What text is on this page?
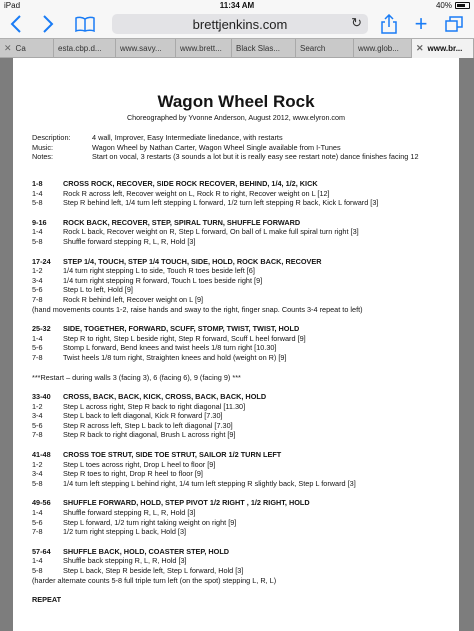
iPad	11:34 AM	40%
brettjenkins.com	↻ +
✕ Ca	esta.cbp.d... www.savy... www.brett... Black Slas... Search	www.glob... ✕ www.br...
Wagon Wheel Rock
Choreographed by Yvonne Anderson, August 2012, www.elyron.com
Description:	4 wall, Improver, Easy Intermediate linedance, with restarts
Music:	Wagon Wheel by Nathan Carter, Wagon Wheel Single available from I-Tunes
Notes:	Start on vocal, 3 restarts (3 sounds a lot but it is really easy see restart note) dance finishes facing 12
1-8	CROSS ROCK, RECOVER, SIDE ROCK RECOVER, BEHIND, 1/4, 1/2, KICK
1-4	Rock R across left, Recover weight on L, Rock R to right, Recover weight on L [12]
5-8	Step R behind left, 1/4 turn left stepping L forward, 1/2 turn left stepping R back, Kick L forward [3]
9-16	ROCK BACK, RECOVER, STEP, SPIRAL TURN, SHUFFLE FORWARD
1-4	Rock L back, Recover weight on R, Step L forward, On ball of L make full spiral turn right [3]
5-8	Shuffle forward stepping R, L, R, Hold [3]
17-24	STEP 1/4, TOUCH, STEP 1/4 TOUCH, SIDE, HOLD, ROCK BACK, RECOVER
1-2	1/4 turn right stepping L to side, Touch R toes beside left [6]
3-4	1/4 turn right stepping R forward, Touch L toes beside right [9]
5-6	Step L to left, Hold [9]
7-8	Rock R behind left, Recover weight on L [9]
(hand movements counts 1-2, raise hands and sway to the right, finger snap. Counts 3-4 repeat to left)
25-32	SIDE, TOGETHER, FORWARD, SCUFF, STOMP, TWIST, TWIST, HOLD
1-4	Step R to right, Step L beside right, Step R forward, Scuff L heel forward [9]
5-6	Stomp L forward, Bend knees and twist heels 1/8 turn right [10.30]
7-8	Twist heels 1/8 turn right, Straighten knees and hold (weight on R) [9]
***Restart – during walls 3 (facing 3), 6 (facing 6), 9 (facing 9) ***
33-40	CROSS, BACK, BACK, KICK, CROSS, BACK, BACK, HOLD
1-2	Step L across right, Step R back to right diagonal [11.30]
3-4	Step L back to left diagonal, Kick R forward [7.30]
5-6	Step R across left, Step L back to left diagonal [7.30]
7-8	Step R back to right diagonal, Brush L across right [9]
41-48	CROSS TOE STRUT, SIDE TOE STRUT, SAILOR 1/2 TURN LEFT
1-2	Step L toes across right, Drop L heel to floor [9]
3-4	Step R toes to right, Drop R heel to floor [9]
5-8	1/4 turn left stepping L behind right, 1/4 turn left stepping R slightly back, Step L forward [3]
49-56	SHUFFLE FORWARD, HOLD, STEP PIVOT 1/2 RIGHT , 1/2 RIGHT, HOLD
1-4	Shuffle forward stepping R, L, R, Hold [3]
5-6	Step L forward, 1/2 turn right taking weight on right [9]
7-8	1/2 turn right stepping L back, Hold [3]
57-64	SHUFFLE BACK, HOLD, COASTER STEP, HOLD
1-4	Shuffle back stepping R, L, R, Hold [3]
5-8	Step L back, Step R beside left, Step L forward, Hold [3]
(harder alternate counts 5-8 full triple turn left (on the spot) stepping L, R, L)
REPEAT
